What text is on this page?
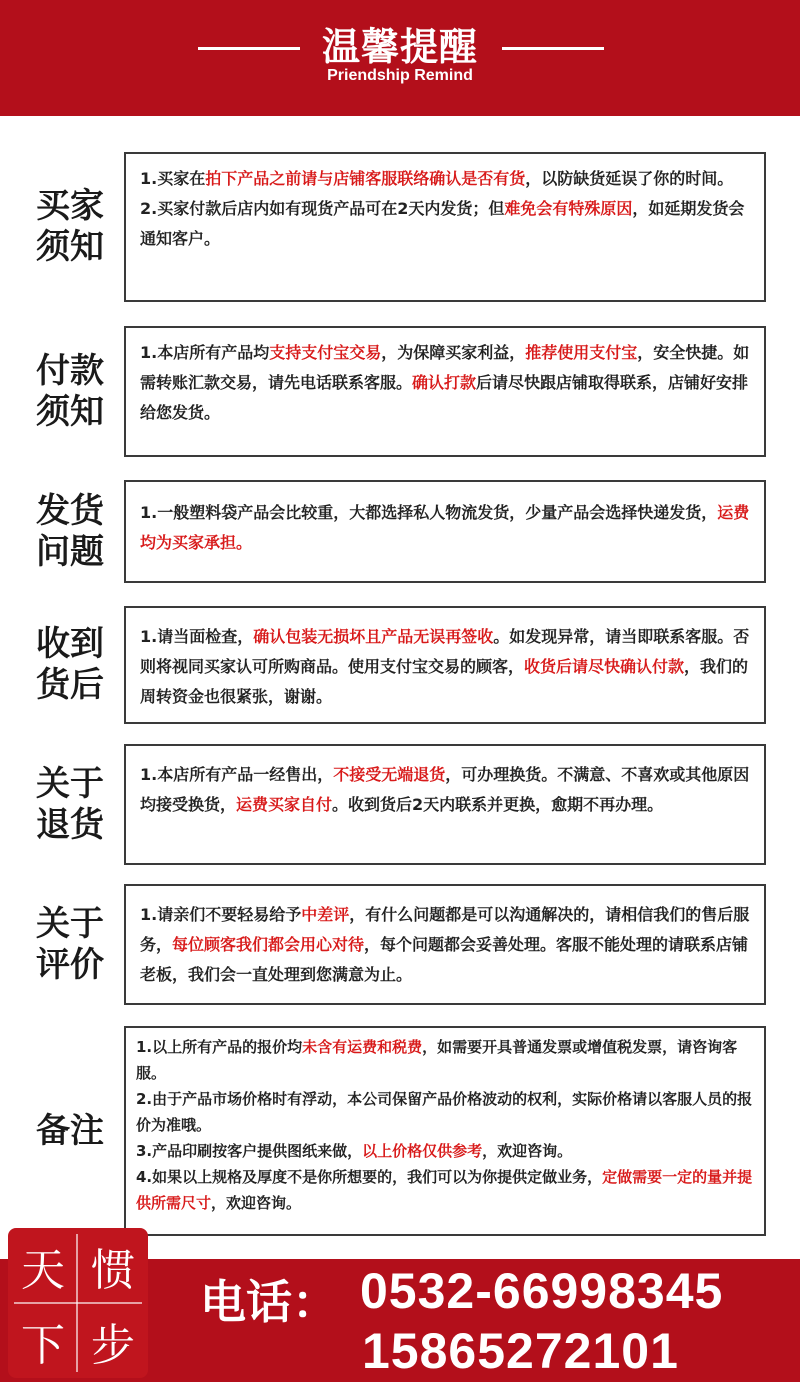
温馨提醒
Priendship Remind
买家
须知

1.买家在拍下产品之前请与店铺客服联络确认是否有货，以防缺货延误了你的时间。

2.买家付款后店内如有现货产品可在2天内发货；但难免会有特殊原因，如延期发货会通知客户。

付款
须知

1.本店所有产品均支持支付宝交易，为保障买家利益，推荐使用支付宝，安全快捷。如需转账汇款交易，请先电话联系客服。确认打款后请尽快跟店铺取得联系，店铺好安排给您发货。

发货
问题

1.一般塑料袋产品会比较重，大都选择私人物流发货，少量产品会选择快递发货，运费均为买家承担。

收到
货后

1.请当面检查，确认包装无损坏且产品无误再签收。如发现异常，请当即联系客服。否则将视同买家认可所购商品。使用支付宝交易的顾客，收货后请尽快确认付款，我们的周转资金也很紧张，谢谢。

关于
退货

1.本店所有产品一经售出，不接受无端退货，可办理换货。不满意、不喜欢或其他原因均接受换货，运费买家自付。收到货后2天内联系并更换，愈期不再办理。

关于
评价

1.请亲们不要轻易给予中差评，有什么问题都是可以沟通解决的，请相信我们的售后服务，每位顾客我们都会用心对待，每个问题都会妥善处理。客服不能处理的请联系店铺老板，我们会一直处理到您满意为止。

备注

1.以上所有产品的报价均未含有运费和税费，如需要开具普通发票或增值税发票，请咨询客服。

2.由于产品市场价格时有浮动，本公司保留产品价格波动的权利，实际价格请以客服人员的报价为准哦。

3.产品印刷按客户提供图纸来做，以上价格仅供参考，欢迎咨询。

4.如果以上规格及厚度不是你所想要的，我们可以为你提供定做业务，定做需要一定的量并提供所需尺寸，欢迎咨询。

天 惯
下 步
电话： 0532-66998345
15865272101
